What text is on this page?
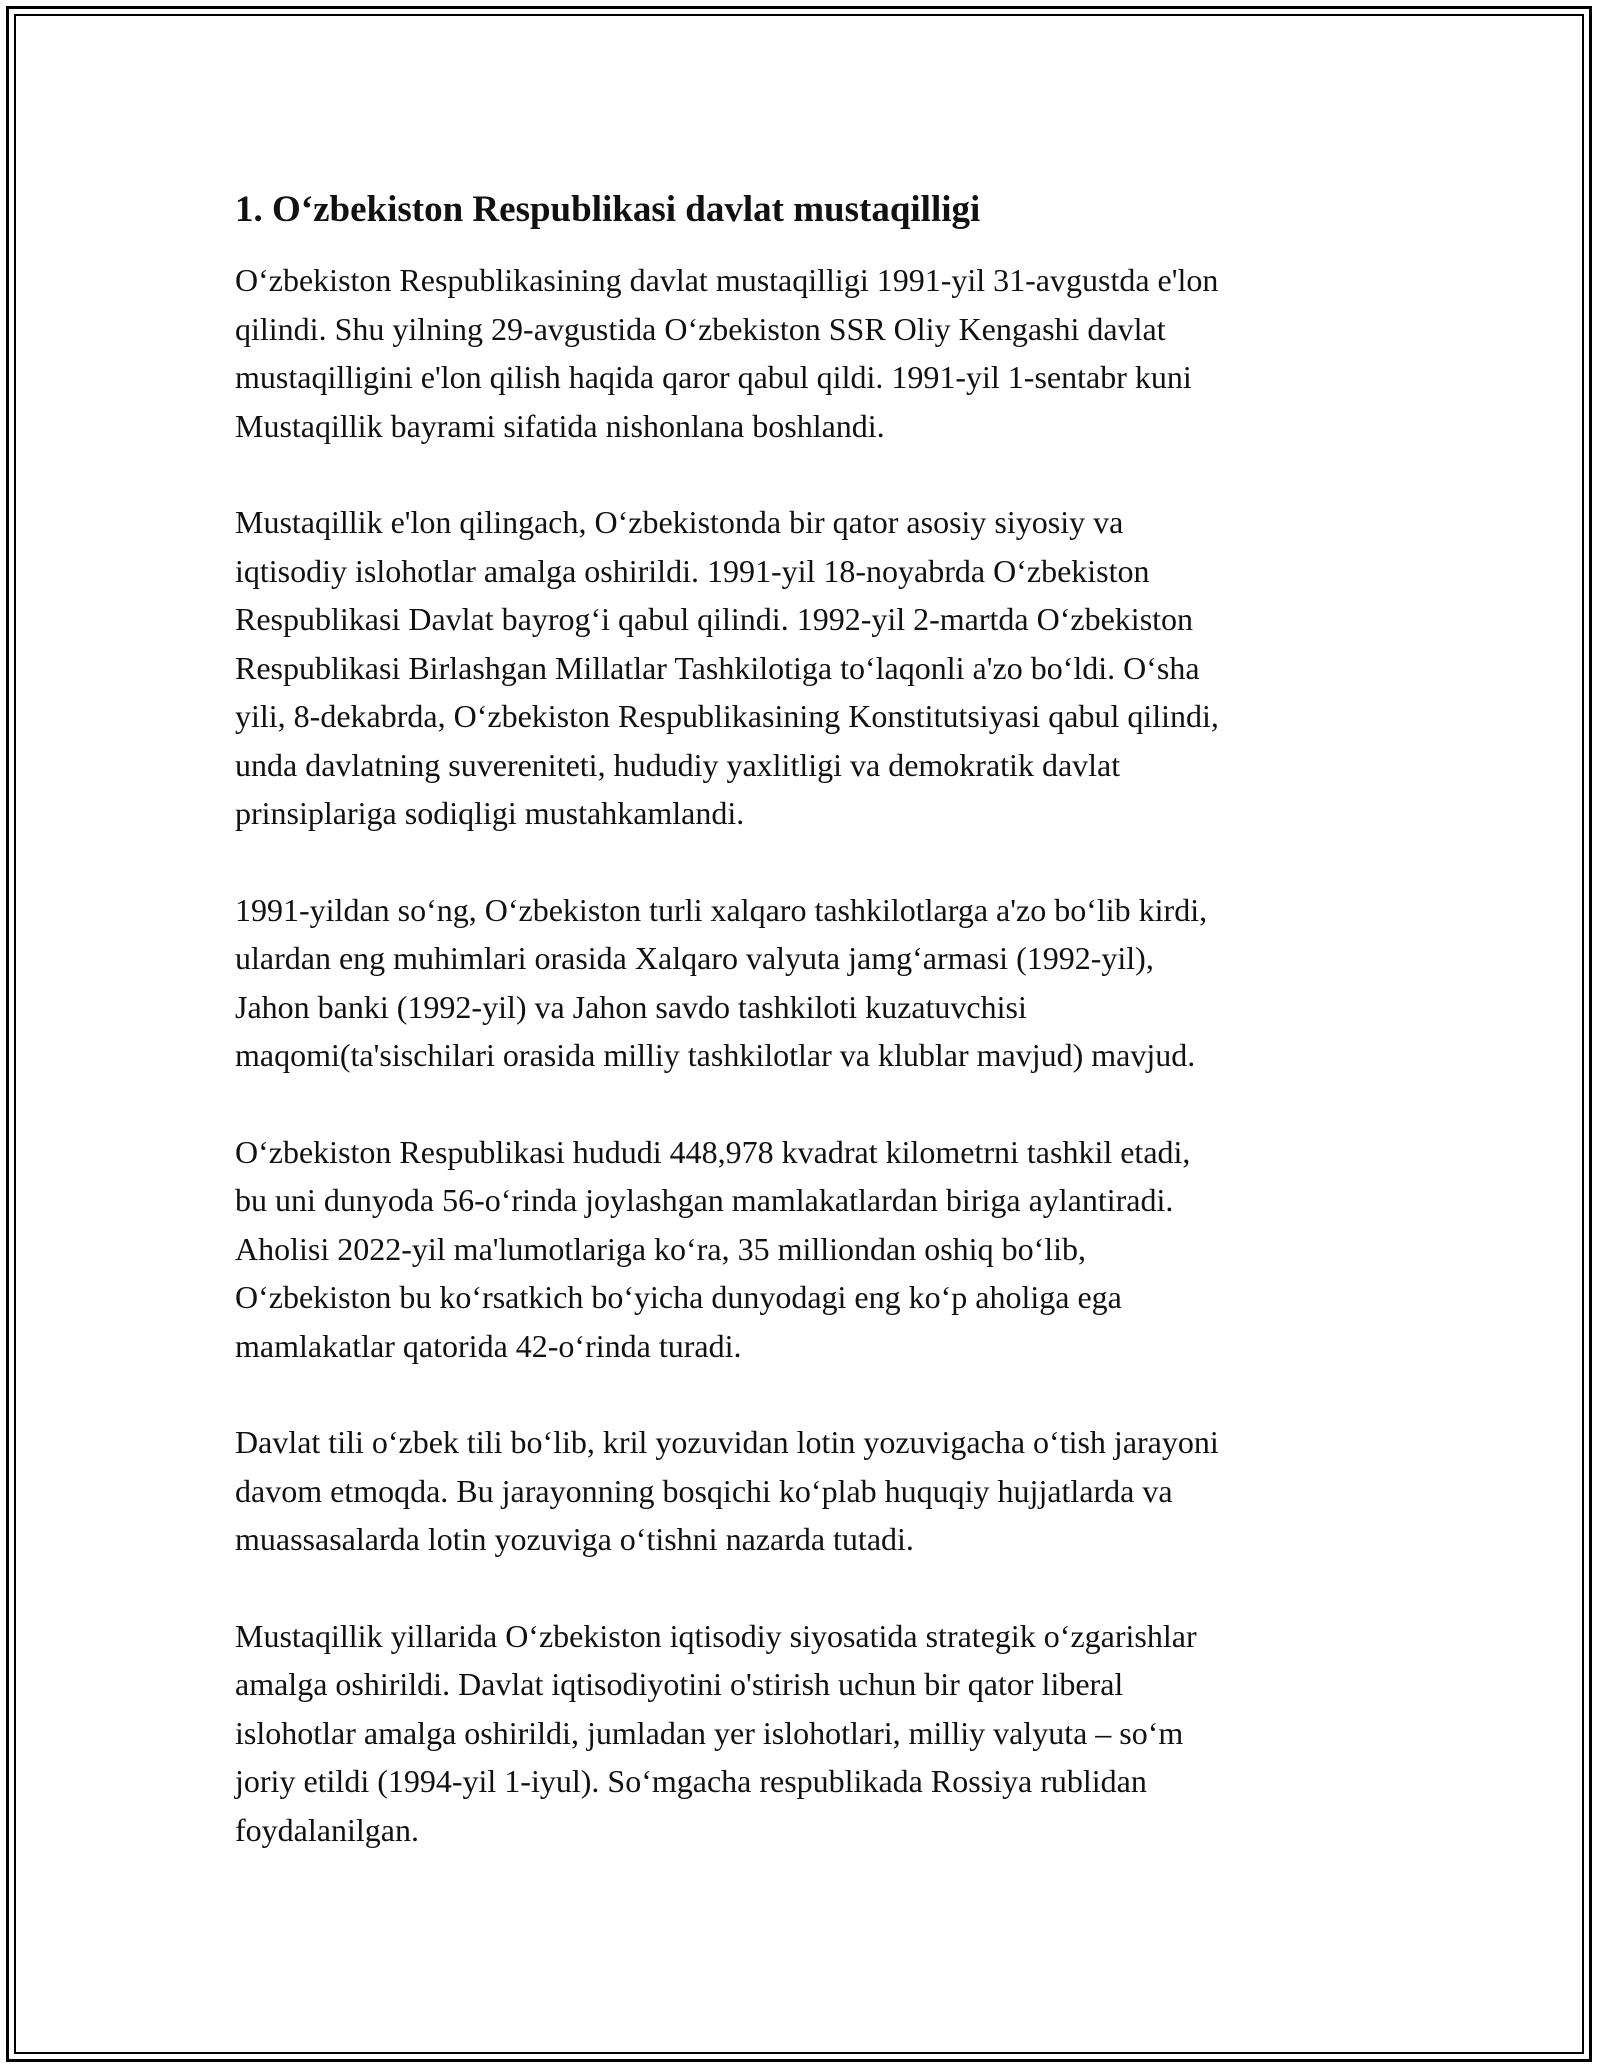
1. O‘zbekiston Respublikasi davlat mustaqilligi

O‘zbekiston Respublikasining davlat mustaqilligi 1991-yil 31-avgustda e'lon
qilindi. Shu yilning 29-avgustida O‘zbekiston SSR Oliy Kengashi davlat
mustaqilligini e'lon qilish haqida qaror qabul qildi. 1991-yil 1-sentabr kuni
Mustaqillik bayrami sifatida nishonlana boshlandi.

Mustaqillik e'lon qilingach, O‘zbekistonda bir qator asosiy siyosiy va
iqtisodiy islohotlar amalga oshirildi. 1991-yil 18-noyabrda O‘zbekiston
Respublikasi Davlat bayrog‘i qabul qilindi. 1992-yil 2-martda O‘zbekiston
Respublikasi Birlashgan Millatlar Tashkilotiga to‘laqonli a'zo bo‘ldi. O‘sha
yili, 8-dekabrda, O‘zbekiston Respublikasining Konstitutsiyasi qabul qilindi,
unda davlatning suvereniteti, hududiy yaxlitligi va demokratik davlat
prinsiplariga sodiqligi mustahkamlandi.

1991-yildan so‘ng, O‘zbekiston turli xalqaro tashkilotlarga a'zo bo‘lib kirdi,
ulardan eng muhimlari orasida Xalqaro valyuta jamg‘armasi (1992-yil),
Jahon banki (1992-yil) va Jahon savdo tashkiloti kuzatuvchisi
maqomi(ta'sischilari orasida milliy tashkilotlar va klublar mavjud) mavjud.

O‘zbekiston Respublikasi hududi 448,978 kvadrat kilometrni tashkil etadi,
bu uni dunyoda 56-o‘rinda joylashgan mamlakatlardan biriga aylantiradi.
Aholisi 2022-yil ma'lumotlariga ko‘ra, 35 milliondan oshiq bo‘lib,
O‘zbekiston bu ko‘rsatkich bo‘yicha dunyodagi eng ko‘p aholiga ega
mamlakatlar qatorida 42-o‘rinda turadi.

Davlat tili o‘zbek tili bo‘lib, kril yozuvidan lotin yozuvigacha o‘tish jarayoni
davom etmoqda. Bu jarayonning bosqichi ko‘plab huquqiy hujjatlarda va
muassasalarda lotin yozuviga o‘tishni nazarda tutadi.

Mustaqillik yillarida O‘zbekiston iqtisodiy siyosatida strategik o‘zgarishlar
amalga oshirildi. Davlat iqtisodiyotini o'stirish uchun bir qator liberal
islohotlar amalga oshirildi, jumladan yer islohotlari, milliy valyuta – so‘m
joriy etildi (1994-yil 1-iyul). So‘mgacha respublikada Rossiya rublidan
foydalanilgan.
